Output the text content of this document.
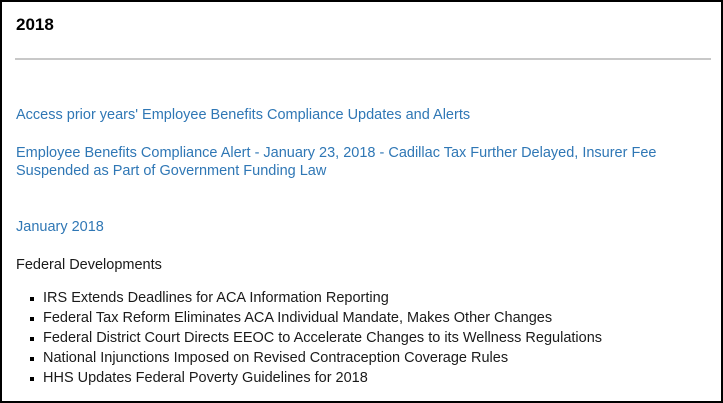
2018
Access prior years' Employee Benefits Compliance Updates and Alerts
Employee Benefits Compliance Alert - January 23, 2018 - Cadillac Tax Further Delayed, Insurer Fee Suspended as Part of Government Funding Law
January 2018
Federal Developments
IRS Extends Deadlines for ACA Information Reporting
Federal Tax Reform Eliminates ACA Individual Mandate, Makes Other Changes
Federal District Court Directs EEOC to Accelerate Changes to its Wellness Regulations
National Injunctions Imposed on Revised Contraception Coverage Rules
HHS Updates Federal Poverty Guidelines for 2018
